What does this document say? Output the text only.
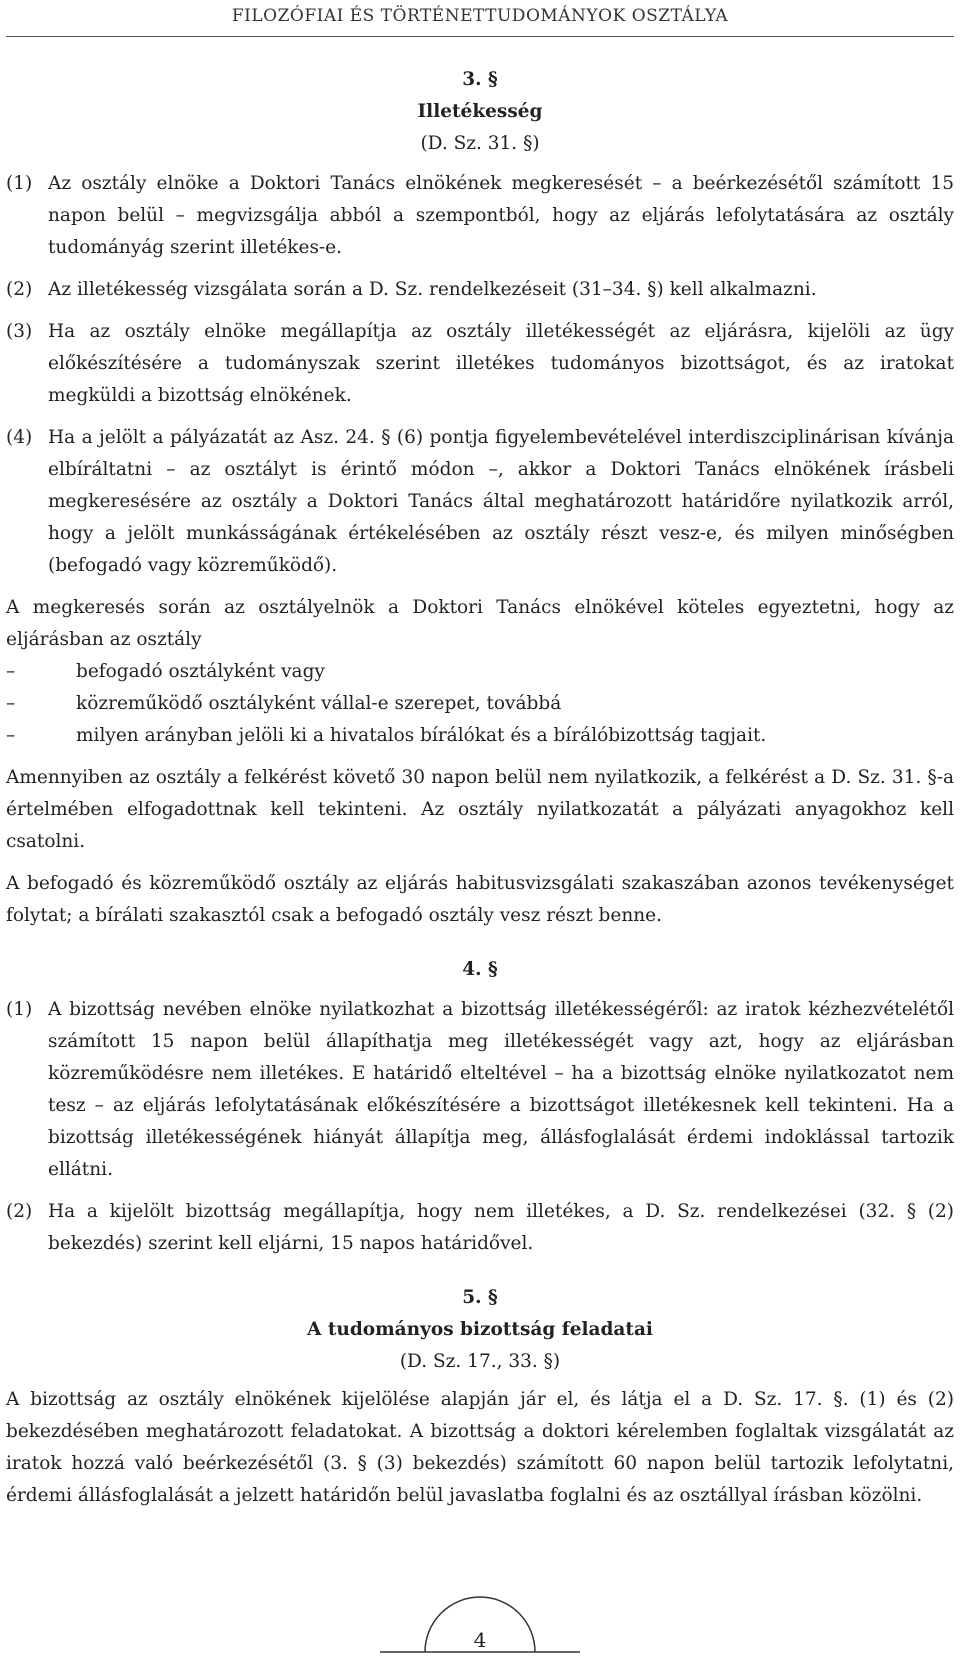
FILOZÓFIAI ÉS TÖRTÉNETTUDOMÁNYOK OSZTÁLYA
3. §
Illetékesség
(D. Sz. 31. §)
(1) Az osztály elnöke a Doktori Tanács elnökének megkeresését – a beérkezésétől számított 15 napon belül – megvizsgálja abból a szempontból, hogy az eljárás lefolytatására az osztály tudományág szerint illetékes-e.
(2) Az illetékesség vizsgálata során a D. Sz. rendelkezéseit (31–34. §) kell alkalmazni.
(3) Ha az osztály elnöke megállapítja az osztály illetékességét az eljárásra, kijelöli az ügy előkészítésére a tudományszak szerint illetékes tudományos bizottságot, és az iratokat megküldi a bizottság elnökének.
(4) Ha a jelölt a pályázatát az Asz. 24. § (6) pontja figyelembevételével interdiszciplinárisan kívánja elbíráltatni – az osztályt is érintő módon –, akkor a Doktori Tanács elnökének írásbeli megkeresésére az osztály a Doktori Tanács által meghatározott határidőre nyilatkozik arról, hogy a jelölt munkásságának értékelésében az osztály részt vesz-e, és milyen minőségben (befogadó vagy közreműködő).

A megkeresés során az osztályelnök a Doktori Tanács elnökével köteles egyeztetni, hogy az eljárásban az osztály

–	befogadó osztályként vagy
–	közreműködő osztályként vállal-e szerepet, továbbá
–	milyen arányban jelöli ki a hivatalos bírálókat és a bírálóbizottság tagjait.

Amennyiben az osztály a felkérést követő 30 napon belül nem nyilatkozik, a felkérést a D. Sz. 31. §-a értelmében elfogadottnak kell tekinteni. Az osztály nyilatkozatát a pályázati anyagokhoz kell csatolni.

A befogadó és közreműködő osztály az eljárás habitusvizsgálati szakaszában azonos tevékenységet folytat; a bírálati szakasztól csak a befogadó osztály vesz részt benne.

4. §
(1) A bizottság nevében elnöke nyilatkozhat a bizottság illetékességéről: az iratok kézhezvételétől számított 15 napon belül állapíthatja meg illetékességét vagy azt, hogy az eljárásban közreműködésre nem illetékes. E határidő elteltével – ha a bizottság elnöke nyilatkozatot nem tesz – az eljárás lefolytatásának előkészítésére a bizottságot illetékesnek kell tekinteni. Ha a bizottság illetékességének hiányát állapítja meg, állásfoglalását érdemi indoklással tartozik ellátni.
(2) Ha a kijelölt bizottság megállapítja, hogy nem illetékes, a D. Sz. rendelkezései (32. § (2) bekezdés) szerint kell eljárni, 15 napos határidővel.
5. §
A tudományos bizottság feladatai
(D. Sz. 17., 33. §)

A bizottság az osztály elnökének kijelölése alapján jár el, és látja el a D. Sz. 17. §. (1) és (2) bekezdésében meghatározott feladatokat. A bizottság a doktori kérelemben foglaltak vizsgálatát az iratok hozzá való beérkezésétől (3. § (3) bekezdés) számított 60 napon belül tartozik lefolytatni, érdemi állásfoglalását a jelzett határidőn belül javaslatba foglalni és az osztállyal írásban közölni.

4
